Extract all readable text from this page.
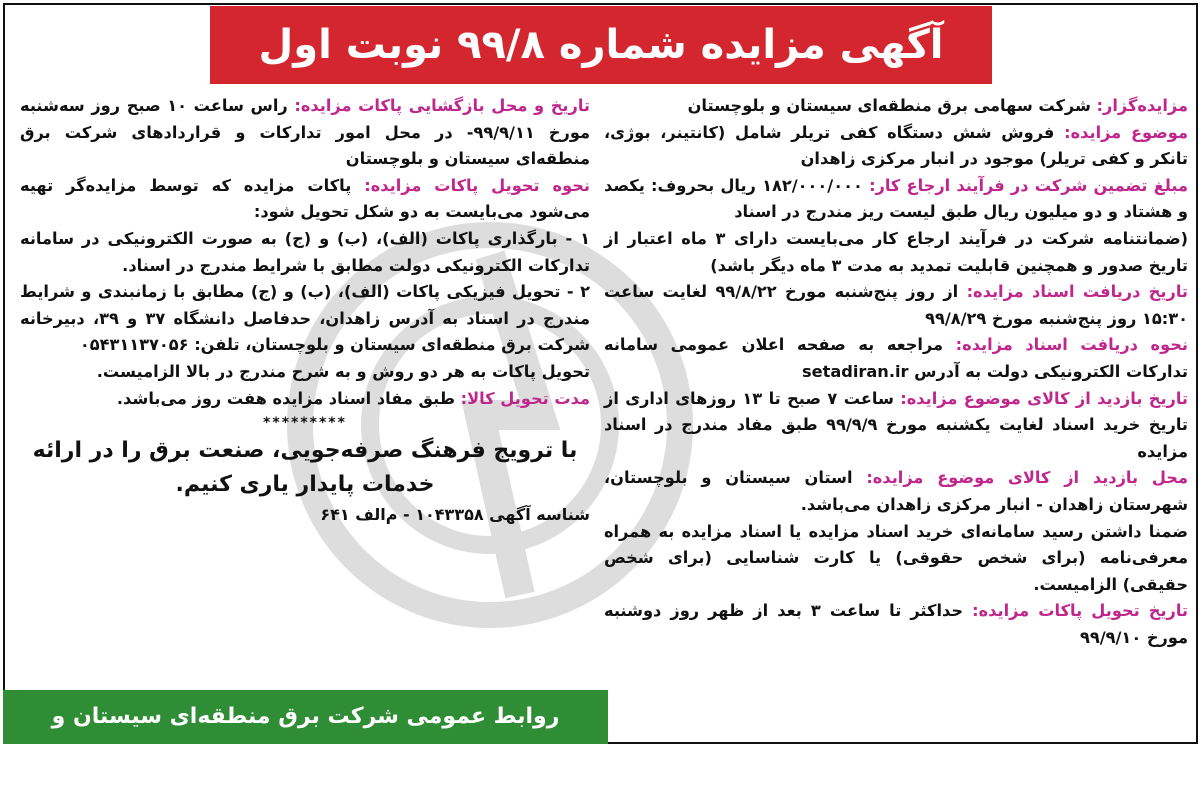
آگهی مزایده شماره ۹۹/۸ نوبت اول

مزایده‌گزار: شرکت سهامی برق منطقه‌ای سیستان و بلوچستان

موضوع مزایده: فروش شش دستگاه کفی تریلر شامل (کانتینر، بوژی، تانکر و کفی تریلر) موجود در انبار مرکزی زاهدان

مبلغ تضمین شرکت در فرآیند ارجاع کار: ۱۸۲/۰۰۰/۰۰۰ ریال بحروف: یکصد و هشتاد و دو میلیون ریال طبق لیست ریز مندرج در اسناد

(ضمانتنامه شرکت در فرآیند ارجاع کار می‌بایست دارای ۳ ماه اعتبار از تاریخ صدور و همچنین قابلیت تمدید به مدت ۳ ماه دیگر باشد)

تاریخ دریافت اسناد مزایده: از روز پنج‌شنبه مورخ ۹۹/۸/۲۲ لغایت ساعت ۱۵:۳۰ روز پنج‌شنبه مورخ ۹۹/۸/۲۹

نحوه دریافت اسناد مزایده: مراجعه به صفحه اعلان عمومی سامانه تدارکات الکترونیکی دولت به آدرس setadiran.ir

تاریخ بازدید از کالای موضوع مزایده: ساعت ۷ صبح تا ۱۳ روزهای اداری از تاریخ خرید اسناد لغایت یکشنبه مورخ ۹۹/۹/۹ طبق مفاد مندرج در اسناد مزایده

محل بازدید از کالای موضوع مزایده: استان سیستان و بلوچستان، شهرستان زاهدان - انبار مرکزی زاهدان می‌باشد.

ضمنا داشتن رسید سامانه‌ای خرید اسناد مزایده یا اسناد مزایده به همراه معرفی‌نامه (برای شخص حقوقی) یا کارت شناسایی (برای شخص حقیقی) الزامیست.

تاریخ تحویل پاکات مزایده: حداکثر تا ساعت ۳ بعد از ظهر روز دوشنبه مورخ ۹۹/۹/۱۰

تاریخ و محل بازگشایی پاکات مزایده: راس ساعت ۱۰ صبح روز سه‌شنبه مورخ ۹۹/۹/۱۱- در محل امور تدارکات و قراردادهای شرکت برق منطقه‌ای سیستان و بلوچستان

نحوه تحویل پاکات مزایده: پاکات مزایده که توسط مزایده‌گر تهیه می‌شود می‌بایست به دو شکل تحویل شود:

۱ - بارگذاری پاکات (الف)، (ب) و (ج) به صورت الکترونیکی در سامانه تدارکات الکترونیکی دولت مطابق با شرایط مندرج در اسناد.

۲ - تحویل فیزیکی پاکات (الف)، (ب) و (ج) مطابق با زمانبندی و شرایط مندرج در اسناد به آدرس زاهدان، حدفاصل دانشگاه ۳۷ و ۳۹، دبیرخانه شرکت برق منطقه‌ای سیستان و بلوچستان، تلفن: ۰۵۴۳۱۱۳۷۰۵۶

تحویل پاکات به هر دو روش و به شرح مندرج در بالا الزامیست.

مدت تحویل کالا: طبق مفاد اسناد مزایده هفت روز می‌باشد.

*********

با ترویج فرهنگ صرفه‌جویی، صنعت برق را در ارائه خدمات پایدار یاری کنیم.

شناسه آگهی ۱۰۴۳۳۵۸ - م‌الف ۶۴۱

روابط عمومی شرکت برق منطقه‌ای سیستان و بلوچستان
